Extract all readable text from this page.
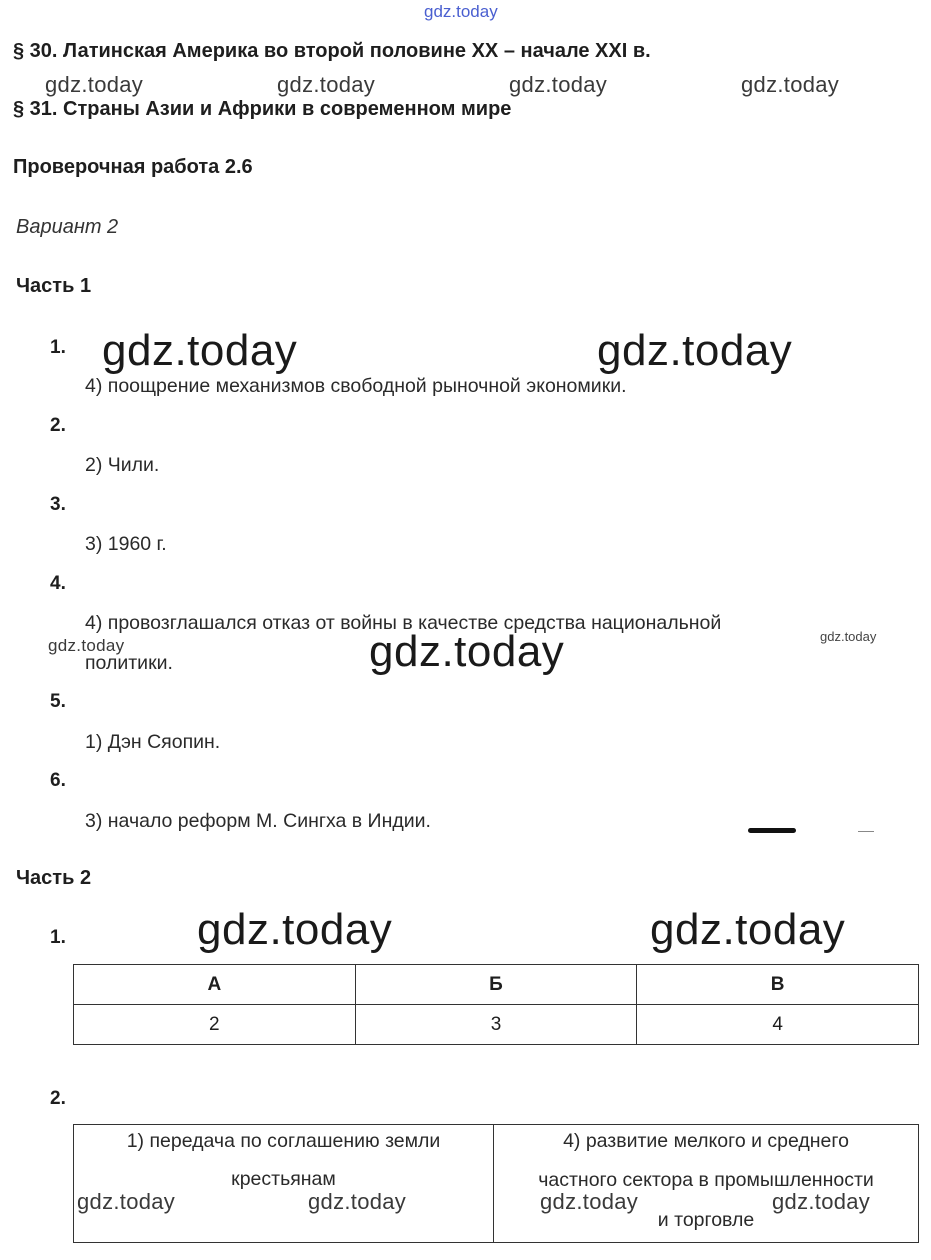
gdz.today
gdz.today	gdz.today	gdz.today	gdz.today
§ 30. Латинская Америка во второй половине XX – начале XXI в.
§ 31. Страны Азии и Африки в современном мире
Проверочная работа 2.6
Вариант 2
Часть 1
gdz.today	gdz.today
1.
4) поощрение механизмов свободной рыночной экономики.
2.
2) Чили.
3.
3) 1960 г.
4.
4) провозглашался отказ от войны в качестве средства национальной
gdz.today
gdz.today
политики.	gdz.today
5.
1) Дэн Сяопин.
6.
3) начало реформ М. Сингха в Индии.
Часть 2
gdz.today	gdz.today
1.
А	Б	В
2	3	4
2.
1) передача по соглашению земли
крестьянам
4) развитие мелкого и среднего
частного сектора в промышленности
и торговле
gdz.today	gdz.today	gdz.today	gdz.today
